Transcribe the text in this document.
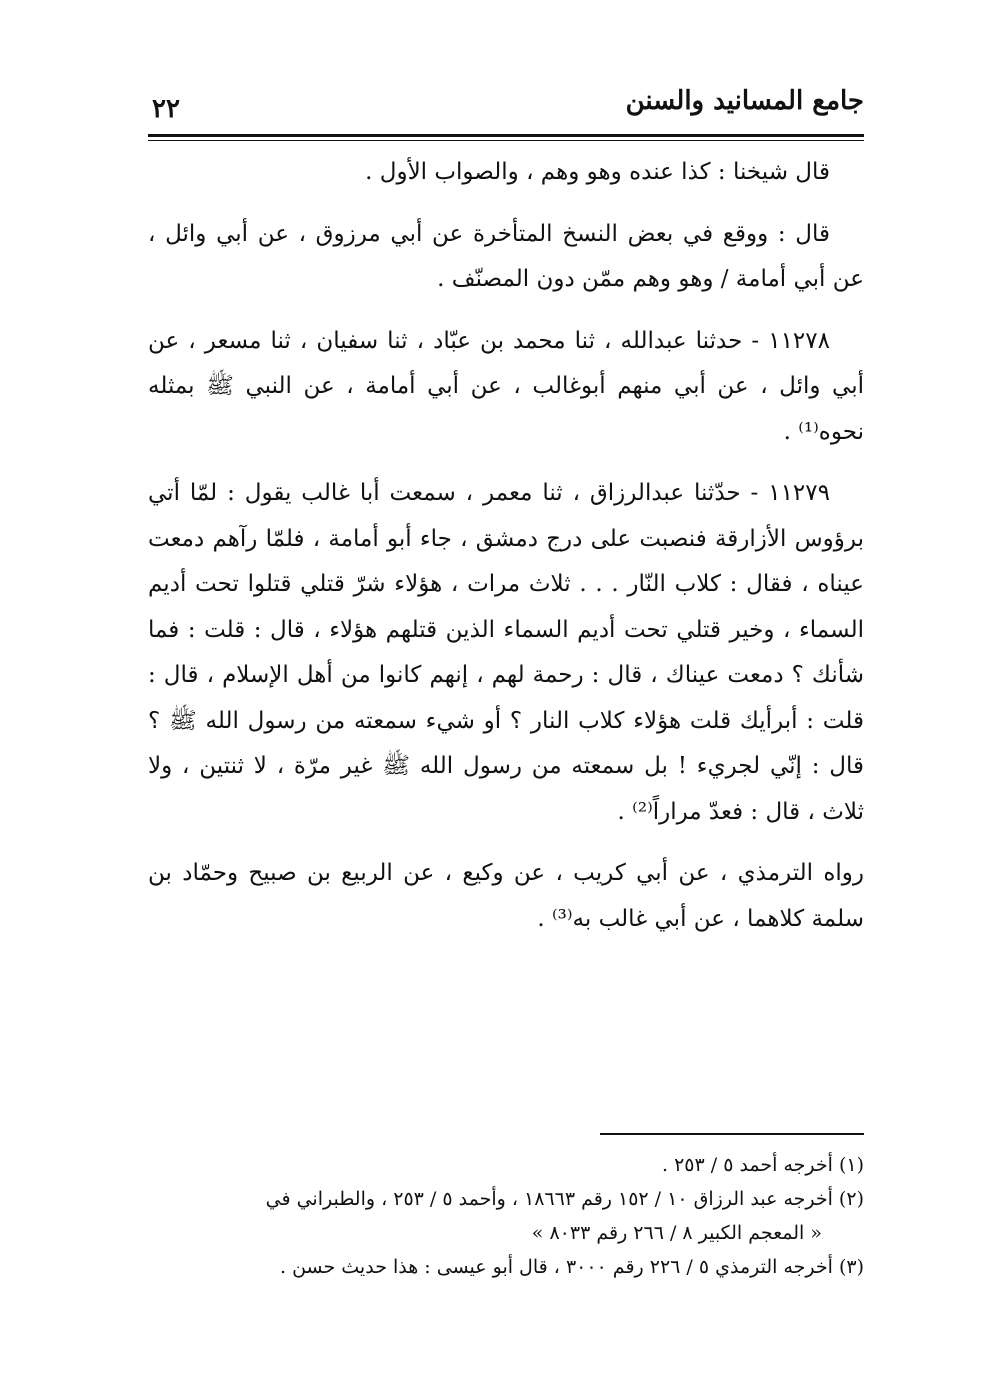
جامع المسانيد والسنن
٢٢

قال شيخنا : كذا عنده وهو وهم ، والصواب الأول .

قال : ووقع في بعض النسخ المتأخرة عن أبي مرزوق ، عن أبي وائل ، عن أبي أمامة / وهو وهم ممّن دون المصنّف .

١١٢٧٨ - حدثنا عبدالله ، ثنا محمد بن عبّاد ، ثنا سفيان ، ثنا مسعر ، عن أبي وائل ، عن أبي منهم أبوغالب ، عن أبي أمامة ، عن النبي ﷺ بمثله نحوه⁽¹⁾ .

١١٢٧٩ - حدّثنا عبدالرزاق ، ثنا معمر ، سمعت أبا غالب يقول : لمّا أتي برؤوس الأزارقة فنصبت على درج دمشق ، جاء أبو أمامة ، فلمّا رآهم دمعت عيناه ، فقال : كلاب النّار . . . ثلاث مرات ، هؤلاء شرّ قتلي قتلوا تحت أديم السماء ، وخير قتلي تحت أديم السماء الذين قتلهم هؤلاء ، قال : قلت : فما شأنك ؟ دمعت عيناك ، قال : رحمة لهم ، إنهم كانوا من أهل الإسلام ، قال : قلت : أبرأيك قلت هؤلاء كلاب النار ؟ أو شيء سمعته من رسول الله ﷺ ؟ قال : إنّي لجريء ! بل سمعته من رسول الله ﷺ غير مرّة ، لا ثنتين ، ولا ثلاث ، قال : فعدّ مراراً⁽²⁾ .

رواه الترمذي ، عن أبي كريب ، عن وكيع ، عن الربيع بن صبيح وحمّاد بن سلمة كلاهما ، عن أبي غالب به⁽³⁾ .

(١) أخرجه أحمد ٥ / ٢٥٣ .

(٢) أخرجه عبد الرزاق ١٠ / ١٥٢ رقم ١٨٦٦٣ ، وأحمد ٥ / ٢٥٣ ، والطبراني في

« المعجم الكبير ٨ / ٢٦٦ رقم ٨٠٣٣ »

(٣) أخرجه الترمذي ٥ / ٢٢٦ رقم ٣٠٠٠ ، قال أبو عيسى : هذا حديث حسن .
